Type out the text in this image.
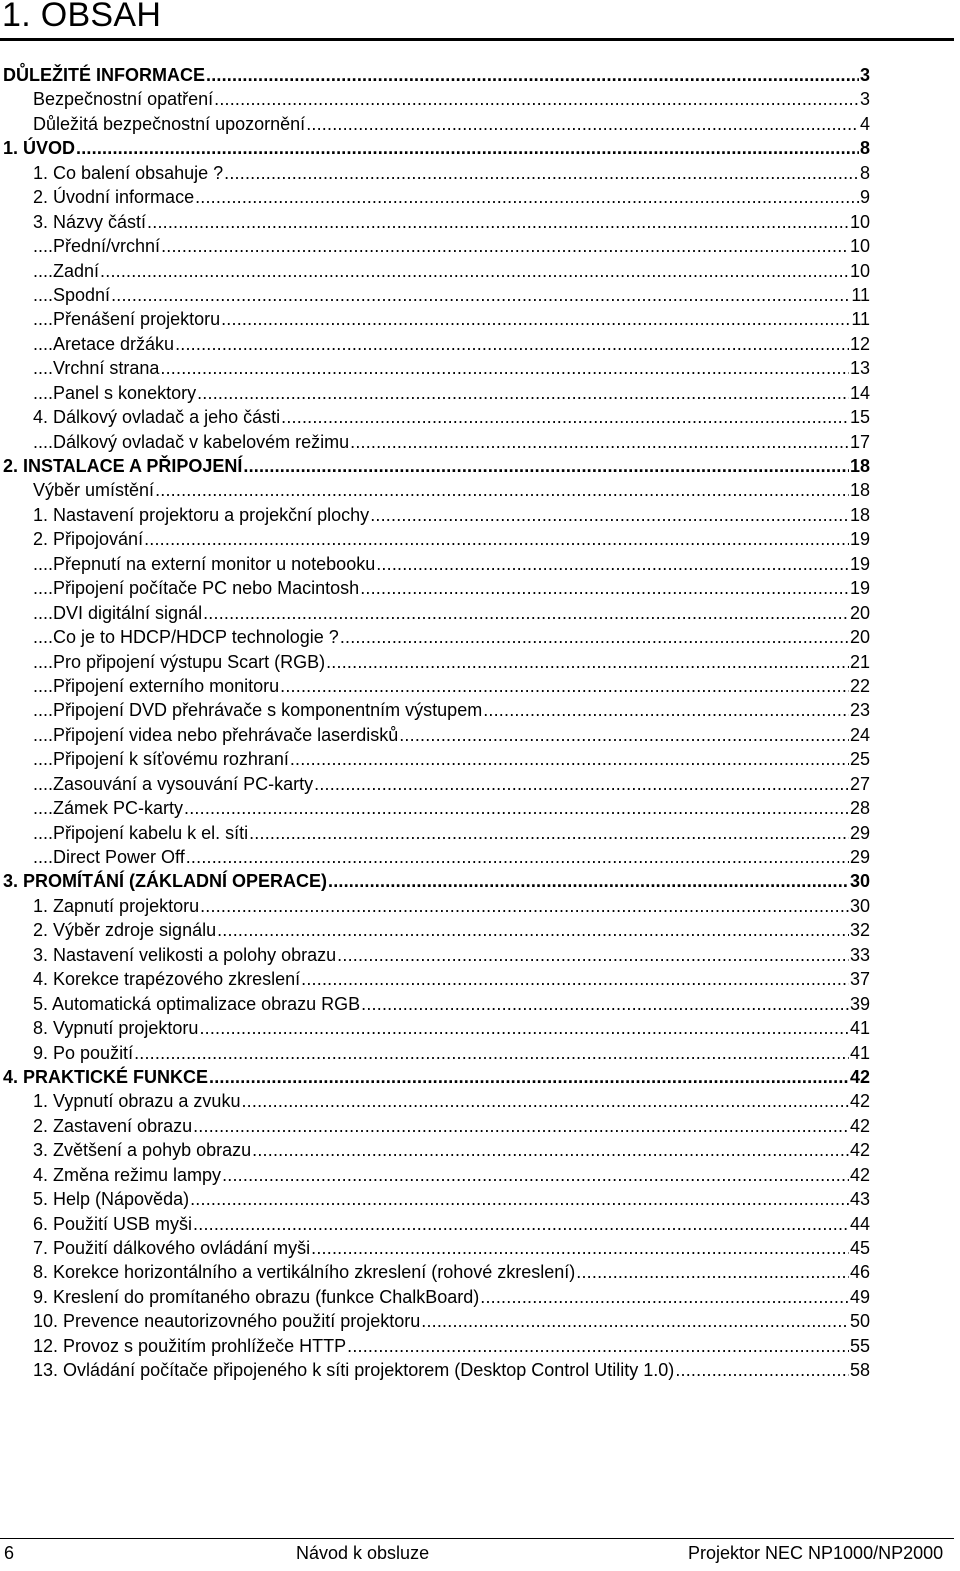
1. OBSAH
DŮLEŽITÉ INFORMACE .....	3
Bezpečnostní opatření .....	3
Důležitá bezpečnostní upozornění .....	4
1. ÚVOD .....	8
1. Co balení obsahuje ? .....	8
2. Úvodní informace .....	9
3. Názvy částí .....	10
....Přední/vrchní .....	10
....Zadní .....	10
....Spodní .....	11
....Přenášení projektoru .....	11
....Aretace držáku .....	12
....Vrchní strana .....	13
....Panel s konektory .....	14
4. Dálkový ovladač a jeho části .....	15
....Dálkový ovladač v kabelovém režimu .....	17
2. INSTALACE A PŘIPOJENÍ .....	18
Výběr umístění .....	18
1. Nastavení projektoru a projekční plochy .....	18
2. Připojování .....	19
....Přepnutí na externí monitor u notebooku .....	19
....Připojení počítače PC nebo Macintosh .....	19
....DVI digitální signál .....	20
....Co je to HDCP/HDCP technologie ? .....	20
....Pro připojení výstupu Scart (RGB) .....	21
....Připojení externího monitoru .....	22
....Připojení DVD přehrávače s komponentním výstupem .....	23
....Připojení videa nebo přehrávače laserdisků .....	24
....Připojení k síťovému rozhraní .....	25
....Zasouvání a vysouvání PC-karty .....	27
....Zámek PC-karty .....	28
....Připojení kabelu k el. síti .....	29
....Direct Power Off .....	29
3. PROMÍTÁNÍ (ZÁKLADNÍ OPERACE) .....	30
1. Zapnutí projektoru .....	30
2. Výběr zdroje signálu .....	32
3. Nastavení velikosti a polohy obrazu .....	33
4. Korekce trapézového zkreslení .....	37
5. Automatická optimalizace obrazu RGB .....	39
8. Vypnutí projektoru .....	41
9. Po použití .....	41
4. PRAKTICKÉ FUNKCE .....	42
1. Vypnutí obrazu a zvuku .....	42
2. Zastavení obrazu .....	42
3. Zvětšení a pohyb obrazu .....	42
4. Změna režimu lampy .....	42
5. Help (Nápověda) .....	43
6. Použití USB myši .....	44
7. Použití dálkového ovládání myši .....	45
8. Korekce horizontálního a vertikálního zkreslení (rohové zkreslení) .....	46
9. Kreslení do promítaného obrazu (funkce ChalkBoard) .....	49
10. Prevence neautorizovného použití projektoru .....	50
12. Provoz s použitím prohlížeče HTTP .....	55
13. Ovládání počítače připojeného k síti projektorem (Desktop Control Utility 1.0) .....	58
6	Návod k obsluze	Projektor NEC NP1000/NP2000
